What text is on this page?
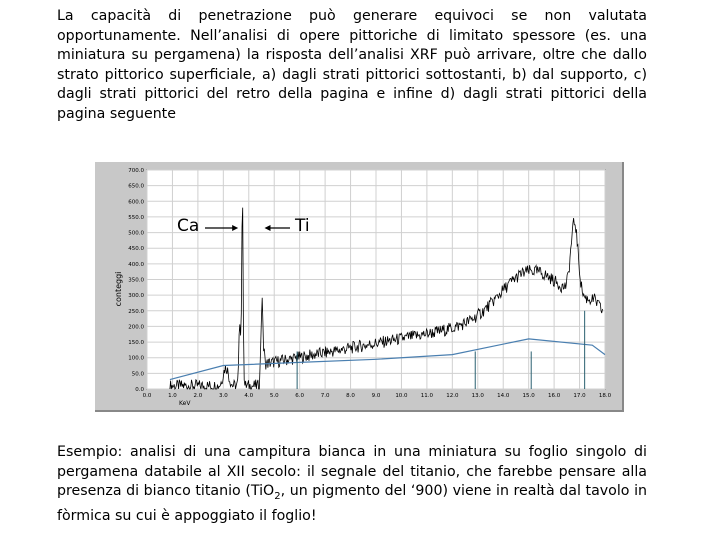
La capacità di penetrazione può generare equivoci se non valutata opportunamente. Nell’analisi di opere pittoriche di limitato spessore (es. una miniatura su pergamena) la risposta dell’analisi XRF può arrivare, oltre che dallo strato pittorico superficiale, a) dagli strati pittorici sottostanti, b) dal supporto, c) dagli strati pittorici del retro della pagina e infine d) dagli strati pittorici della pagina seguente

0.0	1.0	2.0	3.0	4.0	5.0	6.0	7.0	8.0	9.0	10.0 11.0 12.0 13.0 14.0 15.0 16.0 17.0 18.0
0.0
50.0
100.0
150.0
200.0
250.0
300.0
350.0
400.0
450.0
500.0
550.0
600.0
650.0
700.0
conteggi
KeV
Ca	Ti

Esempio: analisi di una campitura bianca in una miniatura su foglio singolo di pergamena databile al XII secolo: il segnale del titanio, che farebbe pensare alla presenza di bianco titanio (TiO$_2$, un pigmento del ‘900) viene in realtà dal tavolo in fòrmica su cui è appoggiato il foglio!
